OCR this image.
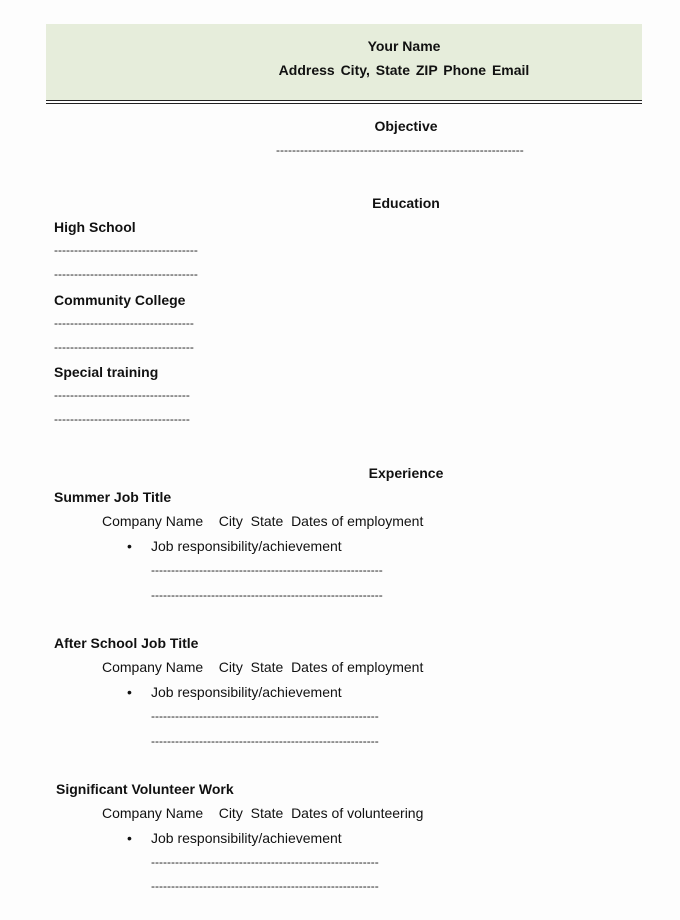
Your Name
Address City, State ZIP Phone Email
Objective
--------------------------------------------------------------
Education
High School
------------------------------------
------------------------------------
Community College
-----------------------------------
-----------------------------------
Special training
----------------------------------
----------------------------------
Experience
Summer Job Title
Company Name    City  State  Dates of employment
• Job responsibility/achievement
----------------------------------------------------------
----------------------------------------------------------
After School Job Title
Company Name    City  State  Dates of employment
• Job responsibility/achievement
---------------------------------------------------------
---------------------------------------------------------
Significant Volunteer Work
Company Name    City  State  Dates of volunteering
• Job responsibility/achievement
---------------------------------------------------------
---------------------------------------------------------
